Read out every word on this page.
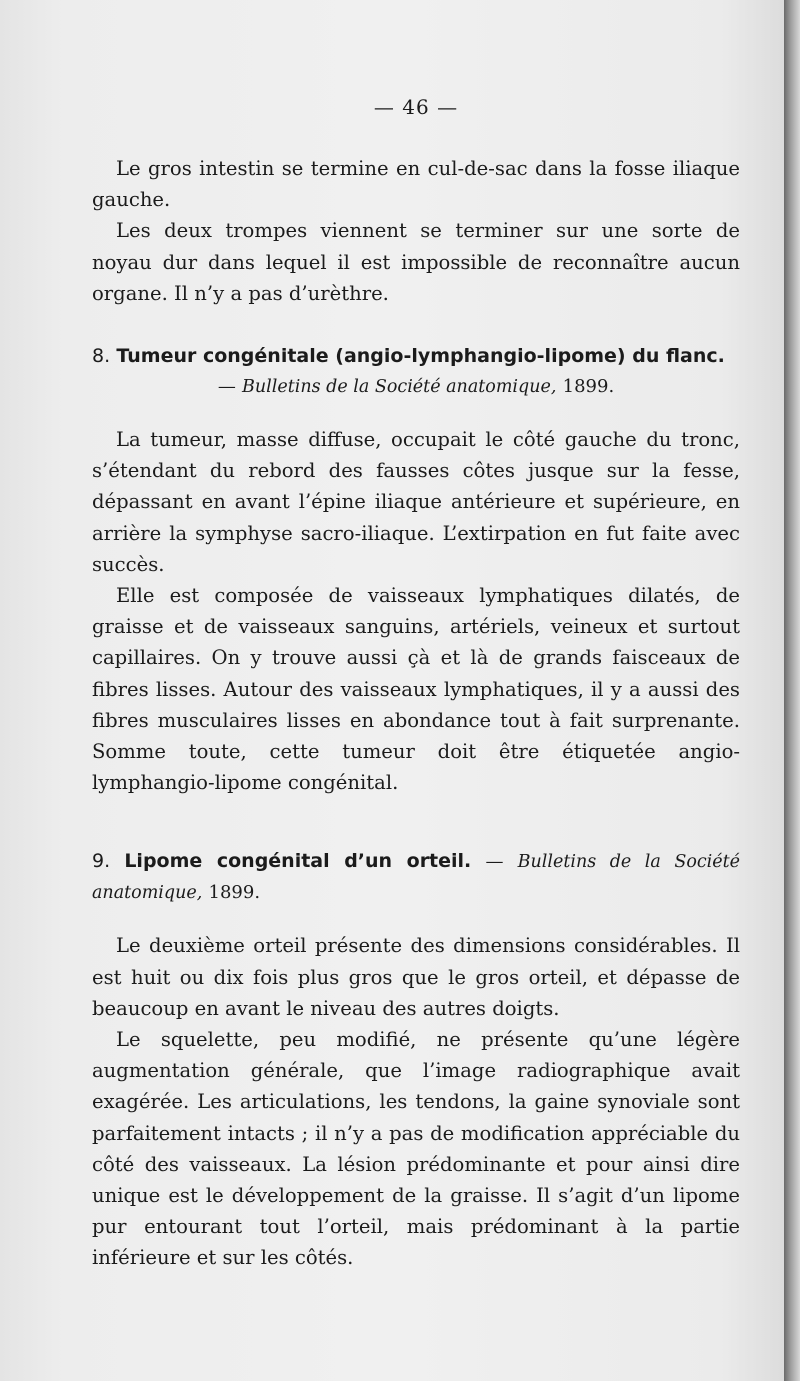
— 46 —

Le gros intestin se termine en cul-de-sac dans la fosse iliaque gauche.

Les deux trompes viennent se terminer sur une sorte de noyau dur dans lequel il est impossible de reconnaître aucun organe. Il n’y a pas d’urèthre.

8. Tumeur congénitale (angio-lymphangio-lipome) du flanc.
— Bulletins de la Société anatomique, 1899.

La tumeur, masse diffuse, occupait le côté gauche du tronc, s’étendant du rebord des fausses côtes jusque sur la fesse, dépassant en avant l’épine iliaque antérieure et supérieure, en arrière la symphyse sacro-iliaque. L’extirpation en fut faite avec succès.

Elle est composée de vaisseaux lymphatiques dilatés, de graisse et de vaisseaux sanguins, artériels, veineux et surtout capillaires. On y trouve aussi çà et là de grands faisceaux de fibres lisses. Autour des vaisseaux lymphatiques, il y a aussi des fibres musculaires lisses en abondance tout à fait surprenante. Somme toute, cette tumeur doit être étiquetée angio-lymphangio-lipome congénital.

9. Lipome congénital d’un orteil. — Bulletins de la Société anatomique, 1899.

Le deuxième orteil présente des dimensions considérables. Il est huit ou dix fois plus gros que le gros orteil, et dépasse de beaucoup en avant le niveau des autres doigts.

Le squelette, peu modifié, ne présente qu’une légère augmentation générale, que l’image radiographique avait exagérée. Les articulations, les tendons, la gaine synoviale sont parfaitement intacts ; il n’y a pas de modification appréciable du côté des vaisseaux. La lésion prédominante et pour ainsi dire unique est le développement de la graisse. Il s’agit d’un lipome pur entourant tout l’orteil, mais prédominant à la partie inférieure et sur les côtés.
